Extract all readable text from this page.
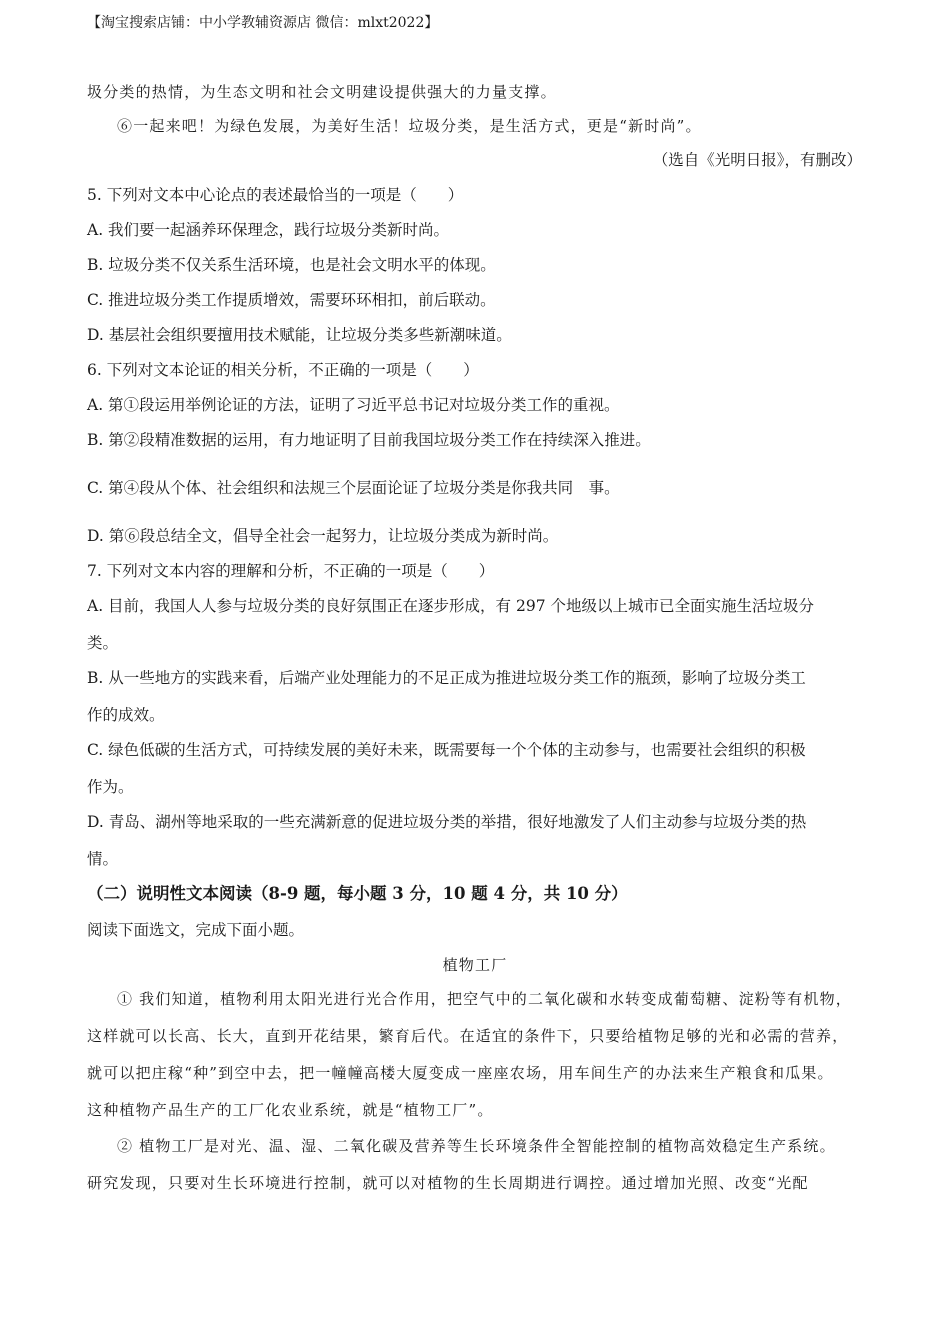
【淘宝搜索店铺：中小学教辅资源店 微信：mlxt2022】
圾分类的热情，为生态文明和社会文明建设提供强大的力量支撑。
⑥一起来吧！为绿色发展，为美好生活！垃圾分类，是生活方式，更是“新时尚”。
（选自《光明日报》，有删改）
5. 下列对文本中心论点的表述最恰当的一项是（　　）
A. 我们要一起涵养环保理念，践行垃圾分类新时尚。
B. 垃圾分类不仅关系生活环境，也是社会文明水平的体现。
C. 推进垃圾分类工作提质增效，需要环环相扣，前后联动。
D. 基层社会组织要擅用技术赋能，让垃圾分类多些新潮味道。
6. 下列对文本论证的相关分析，不正确的一项是（　　）
A. 第①段运用举例论证的方法，证明了习近平总书记对垃圾分类工作的重视。
B. 第②段精准数据的运用，有力地证明了目前我国垃圾分类工作在持续深入推进。
C. 第④段从个体、社会组织和法规三个层面论证了垃圾分类是你我共同　事。
D. 第⑥段总结全文，倡导全社会一起努力，让垃圾分类成为新时尚。
7. 下列对文本内容的理解和分析，不正确的一项是（　　）
A. 目前，我国人人参与垃圾分类的良好氛围正在逐步形成，有 297 个地级以上城市已全面实施生活垃圾分
类。
B. 从一些地方的实践来看，后端产业处理能力的不足正成为推进垃圾分类工作的瓶颈，影响了垃圾分类工
作的成效。
C. 绿色低碳的生活方式，可持续发展的美好未来，既需要每一个个体的主动参与，也需要社会组织的积极
作为。
D. 青岛、湖州等地采取的一些充满新意的促进垃圾分类的举措，很好地激发了人们主动参与垃圾分类的热
情。
（二）说明性文本阅读（8-9 题，每小题 3 分，10 题 4 分，共 10 分）
阅读下面选文，完成下面小题。
植物工厂
① 我们知道，植物利用太阳光进行光合作用，把空气中的二氧化碳和水转变成葡萄糖、淀粉等有机物，
这样就可以长高、长大，直到开花结果，繁育后代。在适宜的条件下，只要给植物足够的光和必需的营养，
就可以把庄稼“种”到空中去，把一幢幢高楼大厦变成一座座农场，用车间生产的办法来生产粮食和瓜果。
这种植物产品生产的工厂化农业系统，就是“植物工厂”。
② 植物工厂是对光、温、湿、二氧化碳及营养等生长环境条件全智能控制的植物高效稳定生产系统。
研究发现，只要对生长环境进行控制，就可以对植物的生长周期进行调控。通过增加光照、改变“光配
